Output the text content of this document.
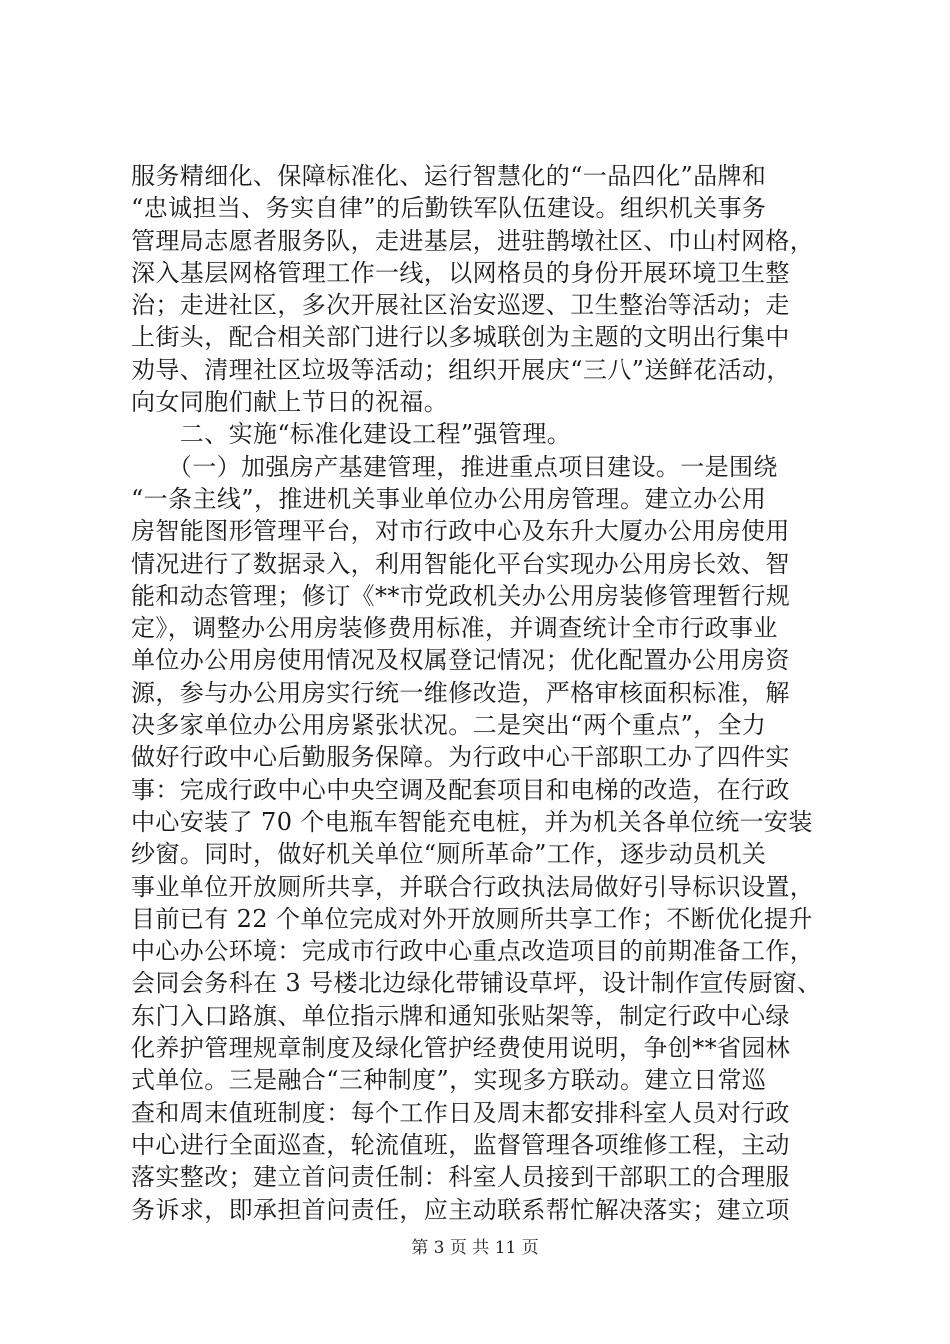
服务精细化、保障标准化、运行智慧化的“一品四化”品牌和
“忠诚担当、务实自律”的后勤铁军队伍建设。组织机关事务
管理局志愿者服务队，走进基层，进驻鹊墩社区、巾山村网格，
深入基层网格管理工作一线，以网格员的身份开展环境卫生整
治；走进社区，多次开展社区治安巡逻、卫生整治等活动；走
上街头，配合相关部门进行以多城联创为主题的文明出行集中
劝导、清理社区垃圾等活动；组织开展庆“三八”送鲜花活动，
向女同胞们献上节日的祝福。
　　二、实施“标准化建设工程”强管理。
　　（一）加强房产基建管理，推进重点项目建设。一是围绕
“一条主线”，推进机关事业单位办公用房管理。建立办公用
房智能图形管理平台，对市行政中心及东升大厦办公用房使用
情况进行了数据录入，利用智能化平台实现办公用房长效、智
能和动态管理；修订《**市党政机关办公用房装修管理暂行规
定》，调整办公用房装修费用标准，并调查统计全市行政事业
单位办公用房使用情况及权属登记情况；优化配置办公用房资
源，参与办公用房实行统一维修改造，严格审核面积标准，解
决多家单位办公用房紧张状况。二是突出“两个重点”，全力
做好行政中心后勤服务保障。为行政中心干部职工办了四件实
事：完成行政中心中央空调及配套项目和电梯的改造，在行政
中心安装了 70 个电瓶车智能充电桩，并为机关各单位统一安装
纱窗。同时，做好机关单位“厕所革命”工作，逐步动员机关
事业单位开放厕所共享，并联合行政执法局做好引导标识设置，
目前已有 22 个单位完成对外开放厕所共享工作；不断优化提升
中心办公环境：完成市行政中心重点改造项目的前期准备工作，
会同会务科在 3 号楼北边绿化带铺设草坪，设计制作宣传厨窗、
东门入口路旗、单位指示牌和通知张贴架等，制定行政中心绿
化养护管理规章制度及绿化管护经费使用说明，争创**省园林
式单位。三是融合“三种制度”，实现多方联动。建立日常巡
查和周末值班制度：每个工作日及周末都安排科室人员对行政
中心进行全面巡查，轮流值班，监督管理各项维修工程，主动
落实整改；建立首问责任制：科室人员接到干部职工的合理服
务诉求，即承担首问责任，应主动联系帮忙解决落实；建立项
第 3 页 共 11 页
